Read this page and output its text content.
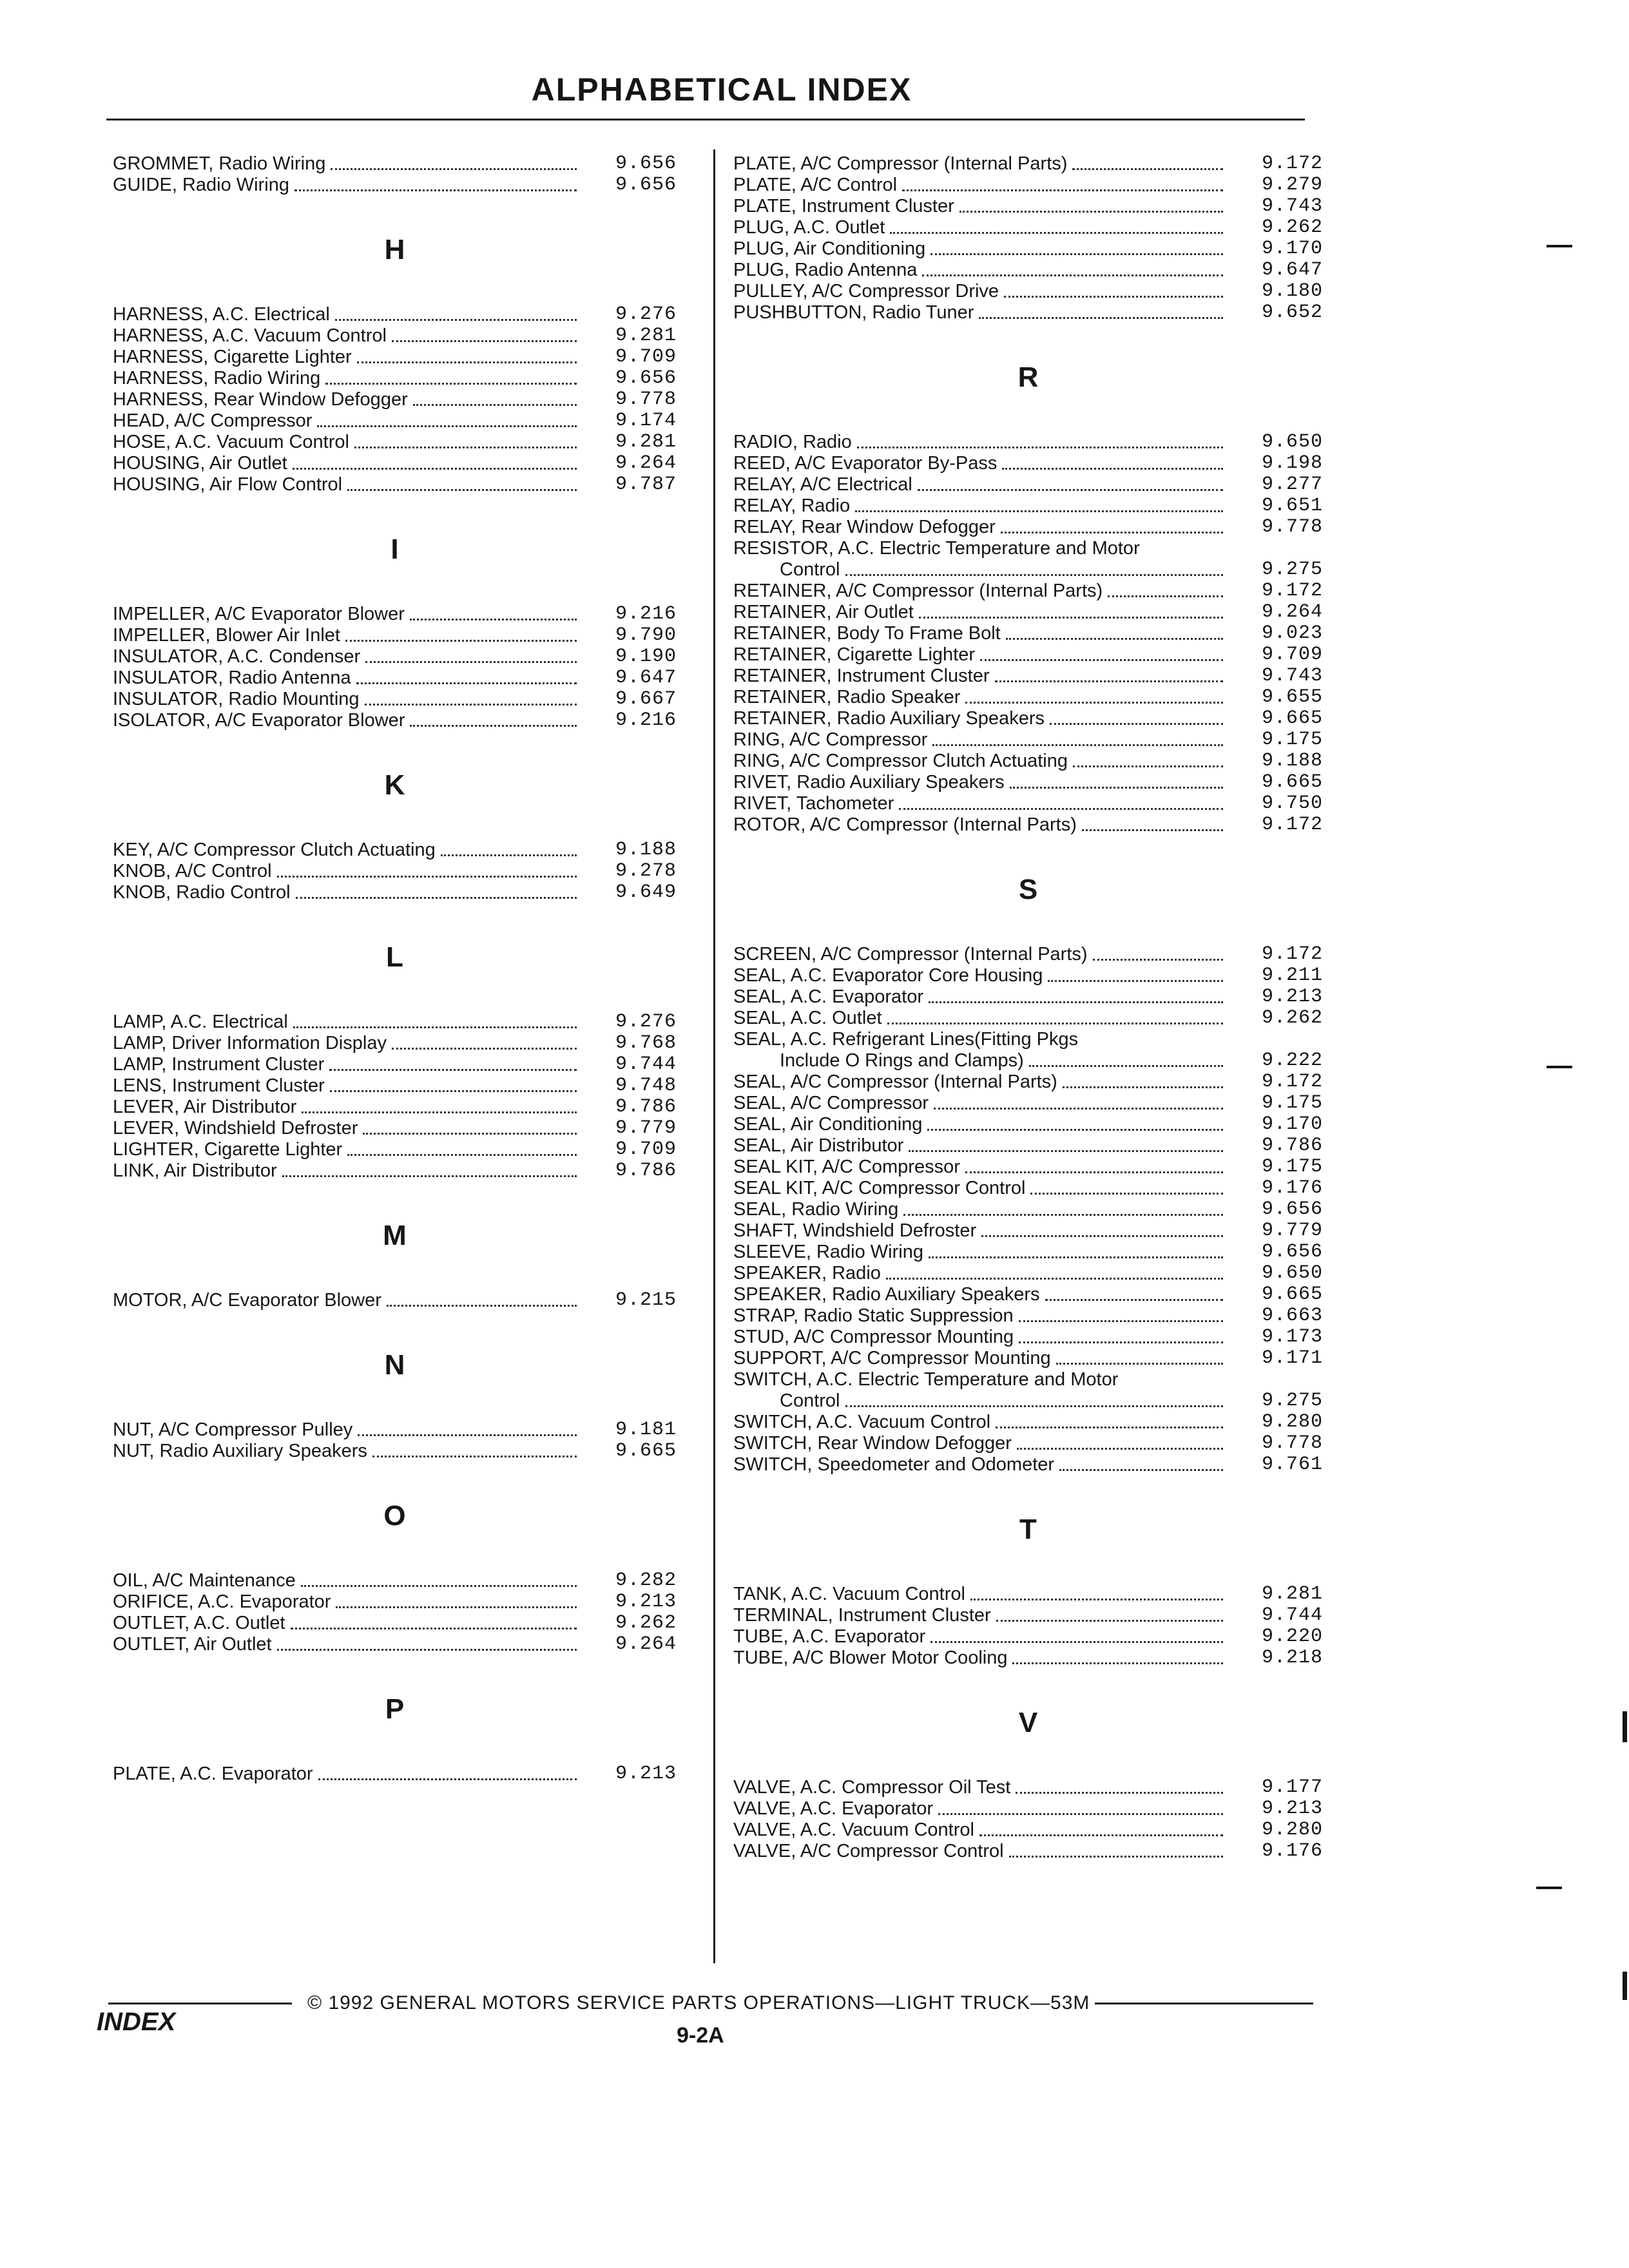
ALPHABETICAL INDEX
GROMMET, Radio Wiring	9.656
GUIDE, Radio Wiring	9.656
H
HARNESS, A.C. Electrical	9.276
HARNESS, A.C. Vacuum Control	9.281
HARNESS, Cigarette Lighter	9.709
HARNESS, Radio Wiring	9.656
HARNESS, Rear Window Defogger	9.778
HEAD, A/C Compressor	9.174
HOSE, A.C. Vacuum Control	9.281
HOUSING, Air Outlet	9.264
HOUSING, Air Flow Control	9.787
I
IMPELLER, A/C Evaporator Blower	9.216
IMPELLER, Blower Air Inlet	9.790
INSULATOR, A.C. Condenser	9.190
INSULATOR, Radio Antenna	9.647
INSULATOR, Radio Mounting	9.667
ISOLATOR, A/C Evaporator Blower	9.216
K
KEY, A/C Compressor Clutch Actuating	9.188
KNOB, A/C Control	9.278
KNOB, Radio Control	9.649
L
LAMP, A.C. Electrical	9.276
LAMP, Driver Information Display	9.768
LAMP, Instrument Cluster	9.744
LENS, Instrument Cluster	9.748
LEVER, Air Distributor	9.786
LEVER, Windshield Defroster	9.779
LIGHTER, Cigarette Lighter	9.709
LINK, Air Distributor	9.786
M
MOTOR, A/C Evaporator Blower	9.215
N
NUT, A/C Compressor Pulley	9.181
NUT, Radio Auxiliary Speakers	9.665
O
OIL, A/C Maintenance	9.282
ORIFICE, A.C. Evaporator	9.213
OUTLET, A.C. Outlet	9.262
OUTLET, Air Outlet	9.264
P
PLATE, A.C. Evaporator	9.213
PLATE, A/C Compressor (Internal Parts)	9.172
PLATE, A/C Control	9.279
PLATE, Instrument Cluster	9.743
PLUG, A.C. Outlet	9.262
PLUG, Air Conditioning	9.170
PLUG, Radio Antenna	9.647
PULLEY, A/C Compressor Drive	9.180
PUSHBUTTON, Radio Tuner	9.652
R
RADIO, Radio	9.650
REED, A/C Evaporator By-Pass	9.198
RELAY, A/C Electrical	9.277
RELAY, Radio	9.651
RELAY, Rear Window Defogger	9.778
RESISTOR, A.C. Electric Temperature and Motor
Control	9.275
RETAINER, A/C Compressor (Internal Parts)	9.172
RETAINER, Air Outlet	9.264
RETAINER, Body To Frame Bolt	9.023
RETAINER, Cigarette Lighter	9.709
RETAINER, Instrument Cluster	9.743
RETAINER, Radio Speaker	9.655
RETAINER, Radio Auxiliary Speakers	9.665
RING, A/C Compressor	9.175
RING, A/C Compressor Clutch Actuating	9.188
RIVET, Radio Auxiliary Speakers	9.665
RIVET, Tachometer	9.750
ROTOR, A/C Compressor (Internal Parts)	9.172
S
SCREEN, A/C Compressor (Internal Parts)	9.172
SEAL, A.C. Evaporator Core Housing	9.211
SEAL, A.C. Evaporator	9.213
SEAL, A.C. Outlet	9.262
SEAL, A.C. Refrigerant Lines(Fitting Pkgs
Include O Rings and Clamps)	9.222
SEAL, A/C Compressor (Internal Parts)	9.172
SEAL, A/C Compressor	9.175
SEAL, Air Conditioning	9.170
SEAL, Air Distributor	9.786
SEAL KIT, A/C Compressor	9.175
SEAL KIT, A/C Compressor Control	9.176
SEAL, Radio Wiring	9.656
SHAFT, Windshield Defroster	9.779
SLEEVE, Radio Wiring	9.656
SPEAKER, Radio	9.650
SPEAKER, Radio Auxiliary Speakers	9.665
STRAP, Radio Static Suppression	9.663
STUD, A/C Compressor Mounting	9.173
SUPPORT, A/C Compressor Mounting	9.171
SWITCH, A.C. Electric Temperature and Motor
Control	9.275
SWITCH, A.C. Vacuum Control	9.280
SWITCH, Rear Window Defogger	9.778
SWITCH, Speedometer and Odometer	9.761
T
TANK, A.C. Vacuum Control	9.281
TERMINAL, Instrument Cluster	9.744
TUBE, A.C. Evaporator	9.220
TUBE, A/C Blower Motor Cooling	9.218
V
VALVE, A.C. Compressor Oil Test	9.177
VALVE, A.C. Evaporator	9.213
VALVE, A.C. Vacuum Control	9.280
VALVE, A/C Compressor Control	9.176
© 1992 GENERAL MOTORS SERVICE PARTS OPERATIONS—LIGHT TRUCK—53M
INDEX	9-2A
